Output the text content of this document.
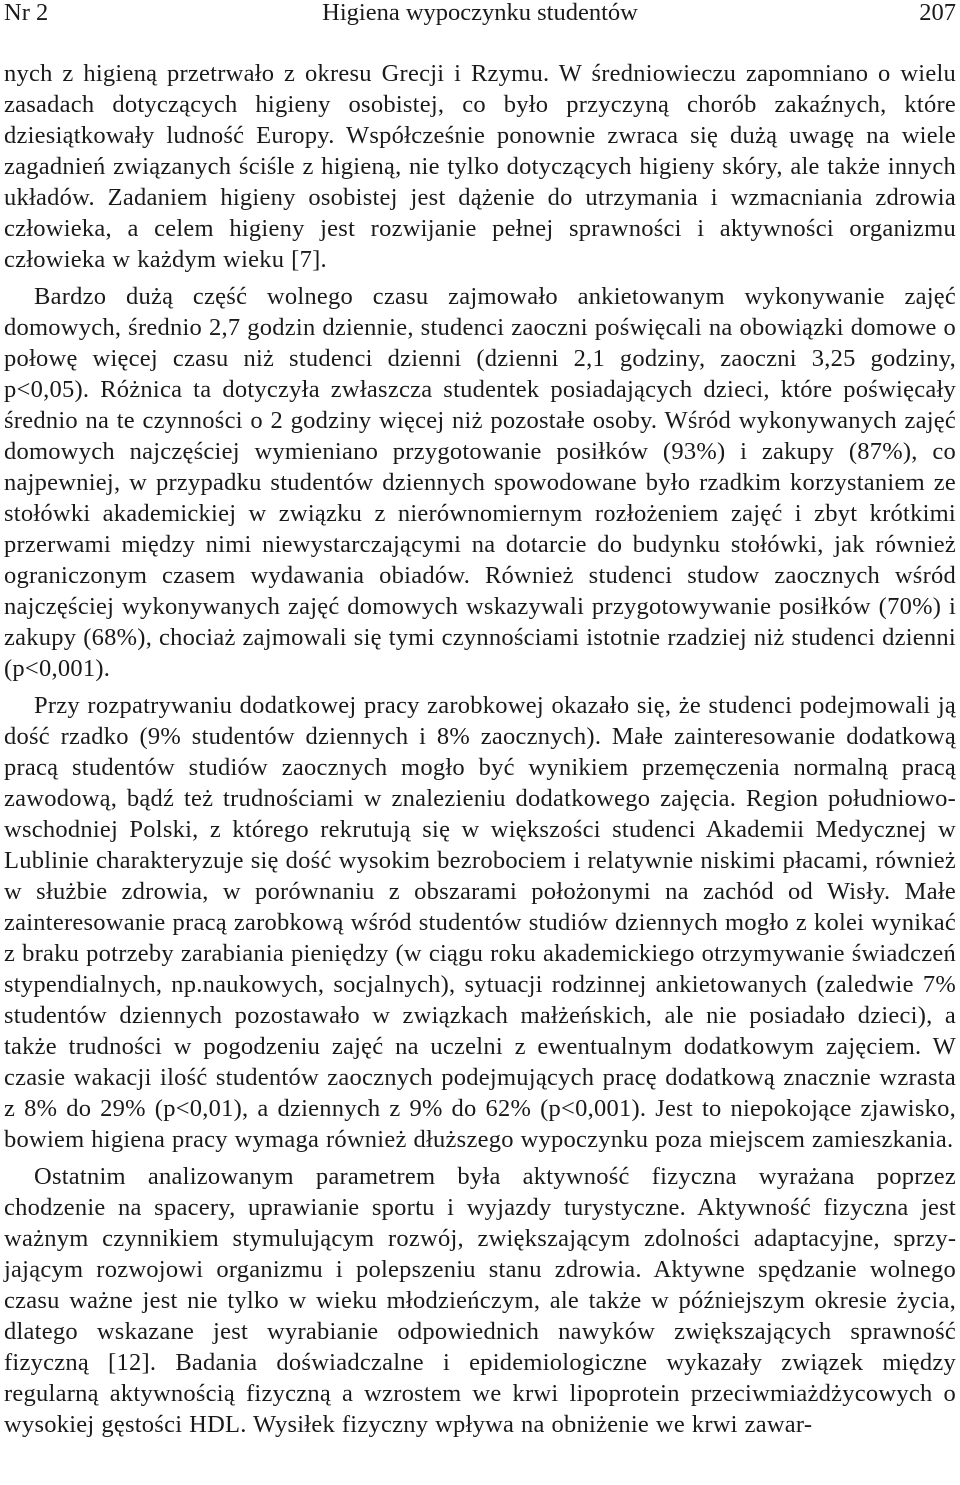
Nr 2	Higiena wypoczynku studentów	207

nych z higieną przetrwało z okresu Grecji i Rzymu. W średniowieczu zapomniano o wielu zasadach dotyczących higieny osobistej, co było przyczyną chorób zakaźnych, które dziesiątkowały ludność Europy. Współcześnie ponownie zwraca się dużą uwagę na wiele zagadnień związanych ściśle z higieną, nie tylko dotyczących higieny skóry, ale także innych układów. Zadaniem higieny osobistej jest dążenie do utrzymania i wzmacniania zdrowia człowieka, a celem higieny jest rozwijanie pełnej sprawności i aktywności organizmu człowieka w każdym wieku [7].

Bardzo dużą część wolnego czasu zajmowało ankietowanym wykonywanie zajęć domowych, średnio 2,7 godzin dziennie, studenci zaoczni poświęcali na obowiązki domowe o połowę więcej czasu niż studenci dzienni (dzienni 2,1 godziny, zaoczni 3,25 godziny, p<0,05). Różnica ta dotyczyła zwłaszcza studentek posiadających dzieci, które poświęcały średnio na te czynności o 2 godziny więcej niż pozostałe osoby. Wśród wykonywanych zajęć domowych najczęściej wymieniano przygotowanie posiłków (93%) i zakupy (87%), co najpewniej, w przypadku studentów dziennych spowodowane było rzadkim korzystaniem ze stołówki akademickiej w związku z nierównomiernym rozłożeniem zajęć i zbyt krótkimi przerwami między nimi niewystarczającymi na dotarcie do budynku stołówki, jak również ograniczonym czasem wydawania obiadów. Również studenci studow zaocznych wśród najczęściej wykonywanych zajęć domowych wskazywali przygotowywanie posiłków (70%) i zakupy (68%), chociaż zajmowali się tymi czynnościami istotnie rzadziej niż studenci dzienni (p<0,001).

Przy rozpatrywaniu dodatkowej pracy zarobkowej okazało się, że studenci podejmowali ją dość rzadko (9% studentów dziennych i 8% zaocznych). Małe zainteresowanie dodatkową pracą studentów studiów zaocznych mogło być wynikiem przemęczenia normalną pracą zawodową, bądź też trudnościami w znalezieniu dodatkowego zajęcia. Region południowo-wschodniej Polski, z którego rekrutują się w większości studenci Akademii Medycznej w Lublinie charakteryzuje się dość wysokim bezrobociem i relatywnie niskimi płacami, również w służbie zdrowia, w porównaniu z obszarami położonymi na zachód od Wisły. Małe zainteresowanie pracą zarobkową wśród studentów studiów dziennych mogło z kolei wynikać z braku potrzeby zarabiania pieniędzy (w ciągu roku akademickiego otrzymywanie świadczeń stypendialnych, np.naukowych, socjalnych), sytuacji rodzinnej ankietowanych (zaledwie 7% studentów dziennych pozostawało w związkach małżeńskich, ale nie posiadało dzieci), a także trudności w pogodzeniu zajęć na uczelni z ewentualnym dodatkowym zajęciem. W czasie wakacji ilość studentów zaocznych podejmujących pracę dodatkową znacznie wzrasta z 8% do 29% (p<0,01), a dziennych z 9% do 62% (p<0,001). Jest to niepokojące zjawisko, bowiem higiena pracy wymaga również dłuższego wypoczynku poza miejscem zamieszkania.

Ostatnim analizowanym parametrem była aktywność fizyczna wyrażana poprzez chodzenie na spacery, uprawianie sportu i wyjazdy turystyczne. Aktywność fizyczna jest ważnym czynnikiem stymulującym rozwój, zwiększającym zdolności adaptacyjne, sprzyjającym rozwojowi organizmu i polepszeniu stanu zdrowia. Aktywne spędzanie wolnego czasu ważne jest nie tylko w wieku młodzieńczym, ale także w późniejszym okresie życia, dlatego wskazane jest wyrabianie odpowiednich nawyków zwiększających sprawność fizyczną [12]. Badania doświadczalne i epidemiologiczne wykazały związek między regularną aktywnością fizyczną a wzrostem we krwi lipoprotein przeciwmiażdżycowych o wysokiej gęstości HDL. Wysiłek fizyczny wpływa na obniżenie we krwi zawar-
